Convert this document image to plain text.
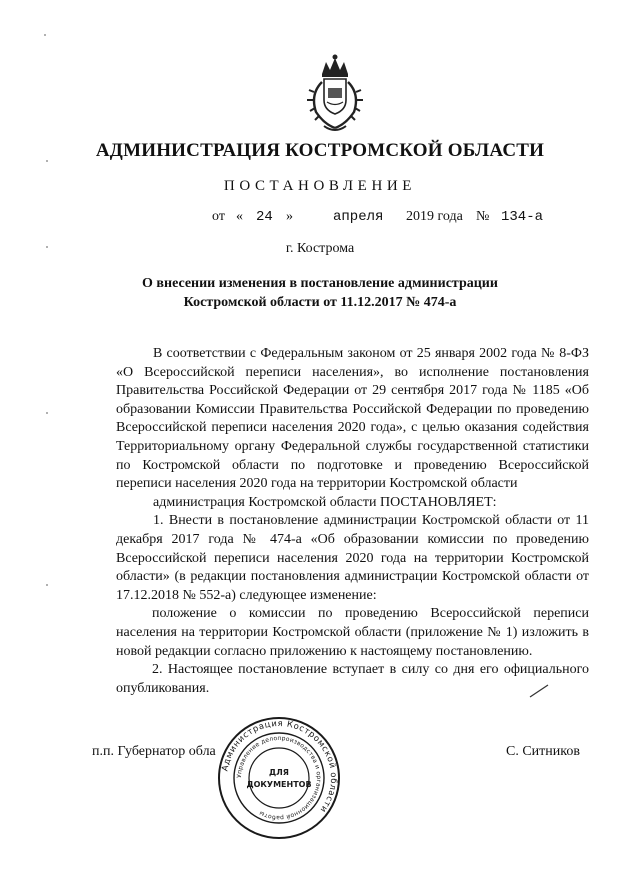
АДМИНИСТРАЦИЯ КОСТРОМСКОЙ ОБЛАСТИ
ПОСТАНОВЛЕНИЕ
от « 24 »	апреля 2019 года № 134-а
г. Кострома
О внесении изменения в постановление администрации
Костромской области от 11.12.2017 № 474-а

В соответствии с Федеральным законом от 25 января 2002 года № 8-ФЗ «О Всероссийской переписи населения», во исполнение постановления Правительства Российской Федерации от 29 сентября 2017 года № 1185 «Об образовании Комиссии Правительства Российской Федерации по проведению Всероссийской переписи населения 2020 года», с целью оказания содействия Территориальному органу Федеральной службы государственной статистики по Костромской области по подготовке и проведению Всероссийской переписи населения 2020 года на территории Костромской области

администрация Костромской области ПОСТАНОВЛЯЕТ:

1. Внести в постановление администрации Костромской области от 11 декабря 2017 года № 474-а «Об образовании комиссии по проведению Всероссийской переписи населения 2020 года на территории Костромской области» (в редакции постановления администрации Костромской области от 17.12.2018 № 552-а) следующее изменение:

положение о комиссии по проведению Всероссийской переписи населения на территории Костромской области (приложение № 1) изложить в новой редакции согласно приложению к настоящему постановлению.

2. Настоящее постановление вступает в силу со дня его официального опубликования.

п.п. Губернатор обла	С. Ситников
Администрация Костромской области
Управление делопроизводства и организационной работы
ДЛЯ
ДОКУМЕНТОВ
